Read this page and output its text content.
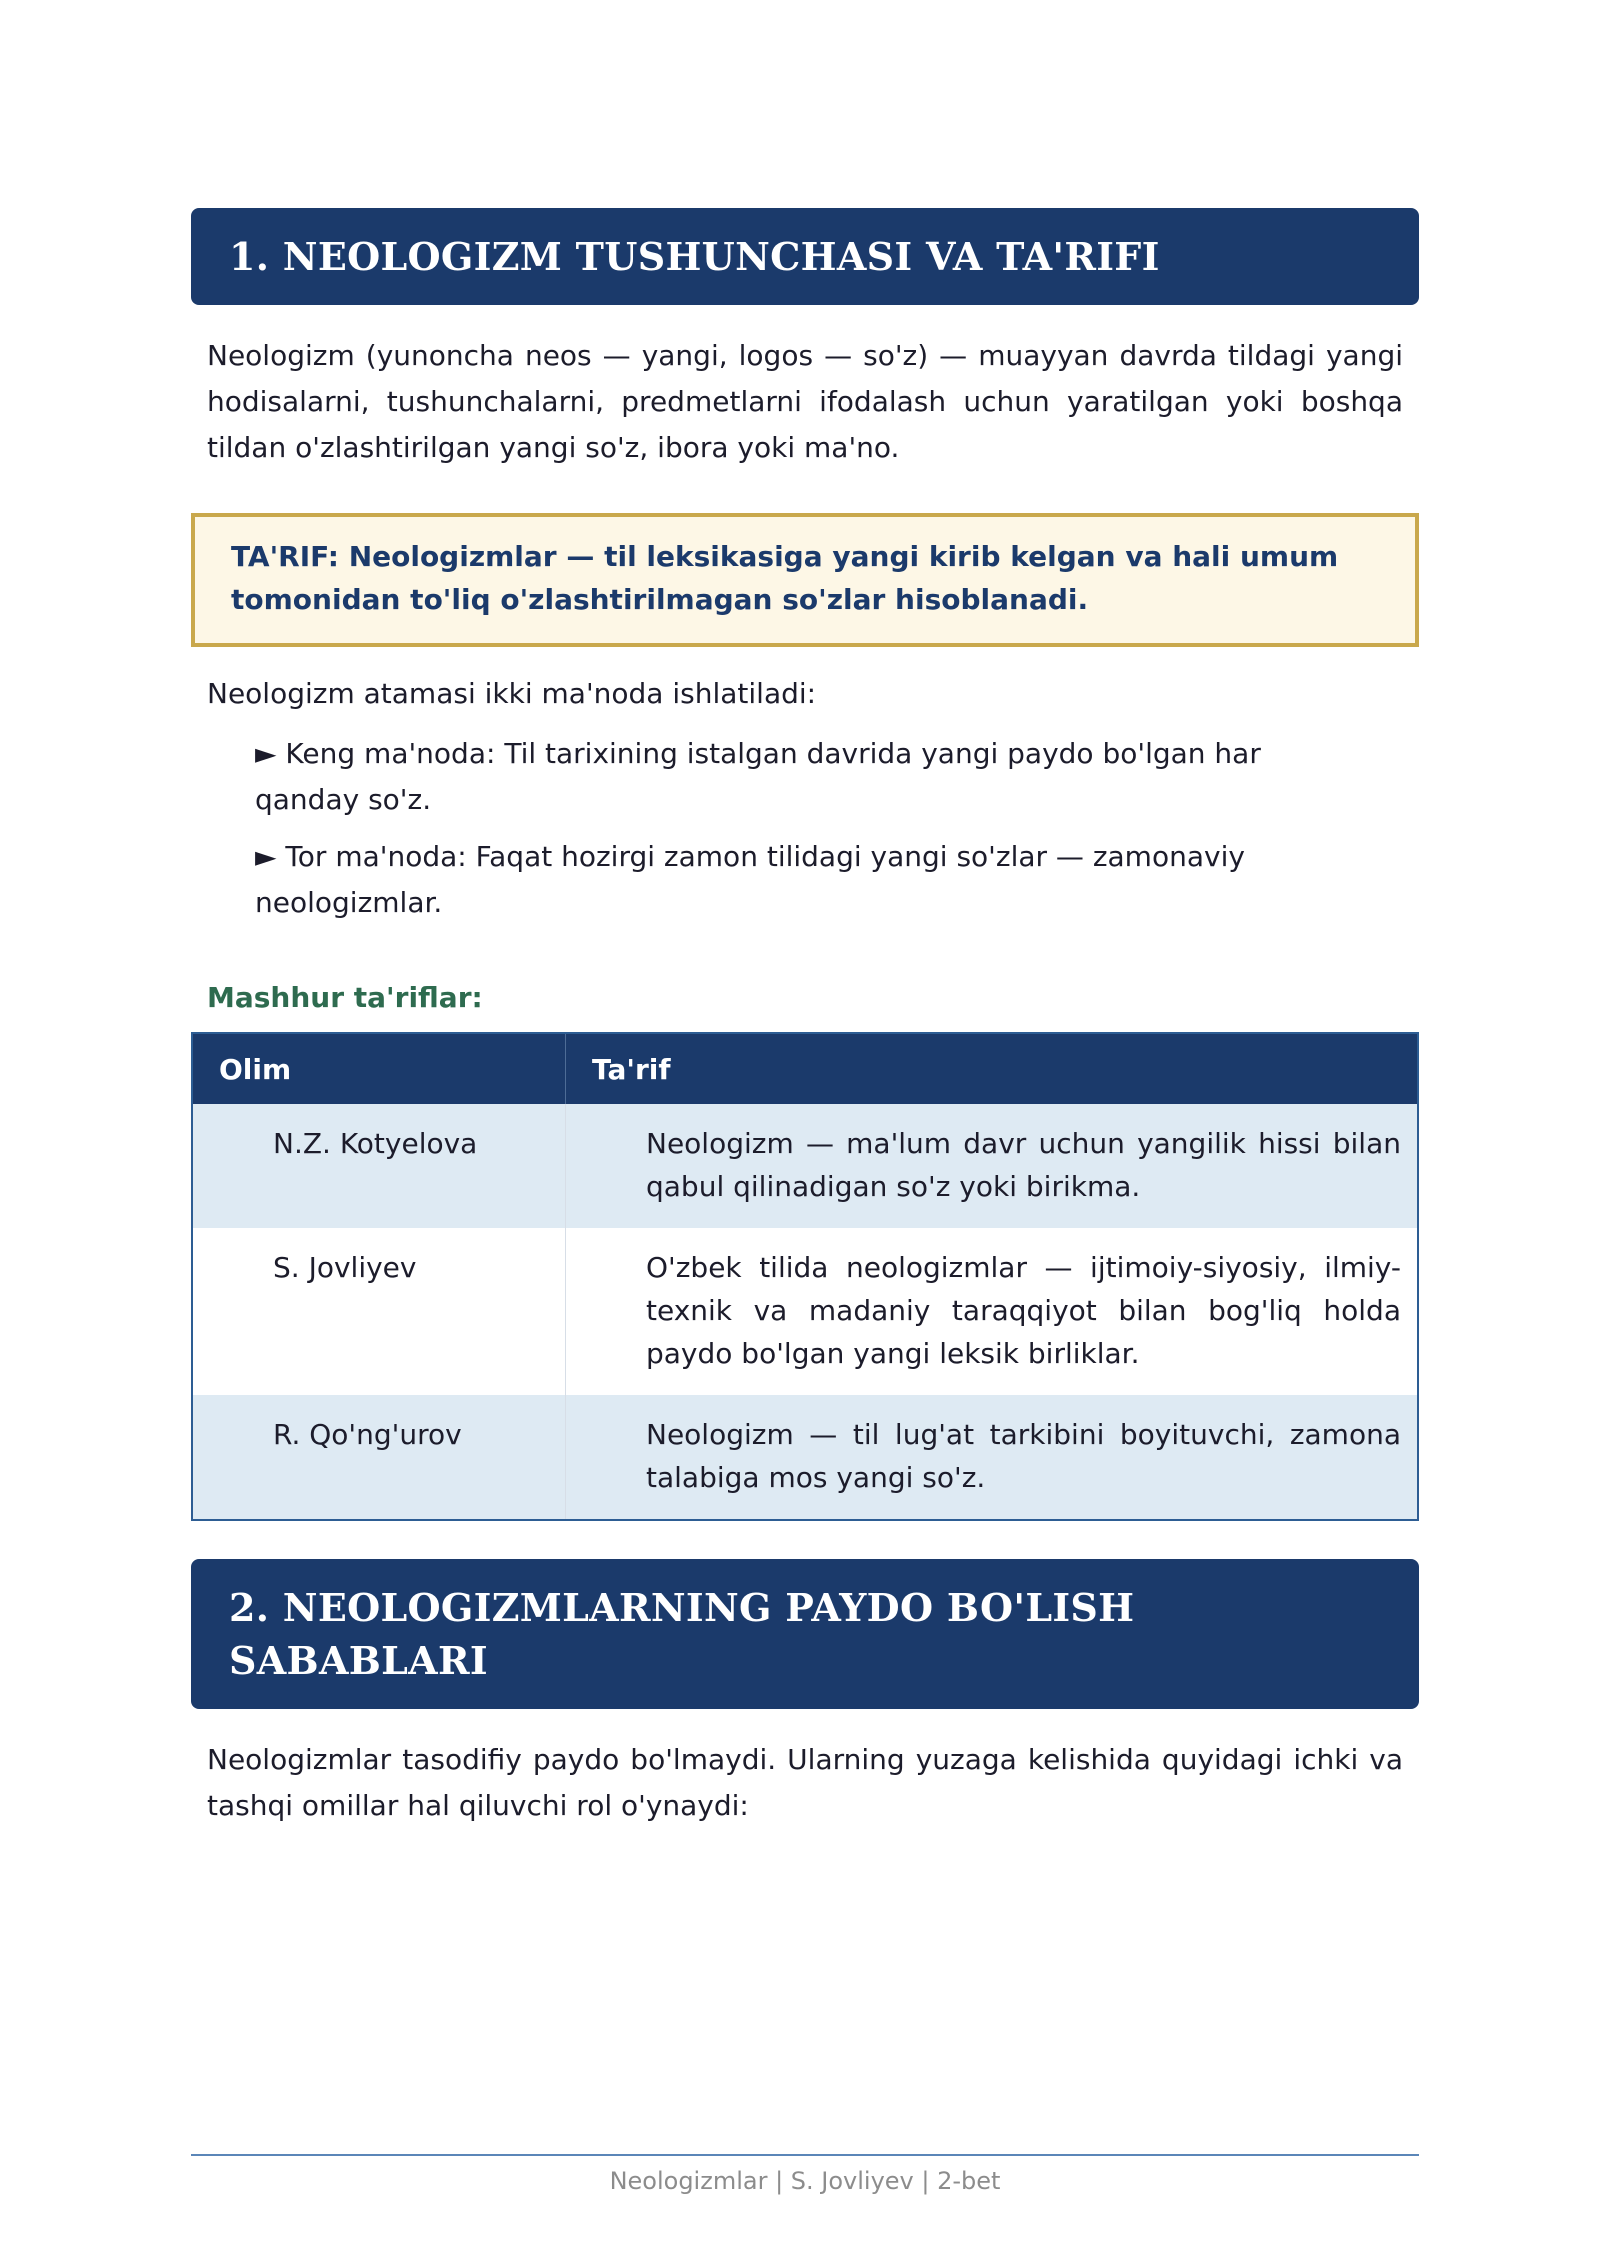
1. NEOLOGIZM TUSHUNCHASI VA TA'RIFI

Neologizm (yunoncha neos — yangi, logos — so'z) — muayyan davrda tildagi yangi hodisalarni, tushunchalarni, predmetlarni ifodalash uchun yaratilgan yoki boshqa tildan o'zlashtirilgan yangi so'z, ibora yoki ma'no.

TA'RIF: Neologizmlar — til leksikasiga yangi kirib kelgan va hali umum tomonidan to'liq o'zlashtirilmagan so'zlar hisoblanadi.

Neologizm atamasi ikki ma'noda ishlatiladi:

► Keng ma'noda: Til tarixining istalgan davrida yangi paydo bo'lgan har qanday so'z.
► Tor ma'noda: Faqat hozirgi zamon tilidagi yangi so'zlar — zamonaviy neologizmlar.
Mashhur ta'riflar:
Olim	Ta'rif
N.Z. Kotyelova	Neologizm — ma'lum davr uchun yangilik hissi bilan qabul qilinadigan so'z yoki birikma.
S. Jovliyev	O'zbek tilida neologizmlar — ijtimoiy-siyosiy, ilmiy-texnik va madaniy taraqqiyot bilan bog'liq holda paydo bo'lgan yangi leksik birliklar.
R. Qo'ng'urov	Neologizm — til lug'at tarkibini boyituvchi, zamona talabiga mos yangi so'z.
2. NEOLOGIZMLARNING PAYDO BO'LISH SABABLARI

Neologizmlar tasodifiy paydo bo'lmaydi. Ularning yuzaga kelishida quyidagi ichki va tashqi omillar hal qiluvchi rol o'ynaydi:

Neologizmlar | S. Jovliyev | 2-bet
